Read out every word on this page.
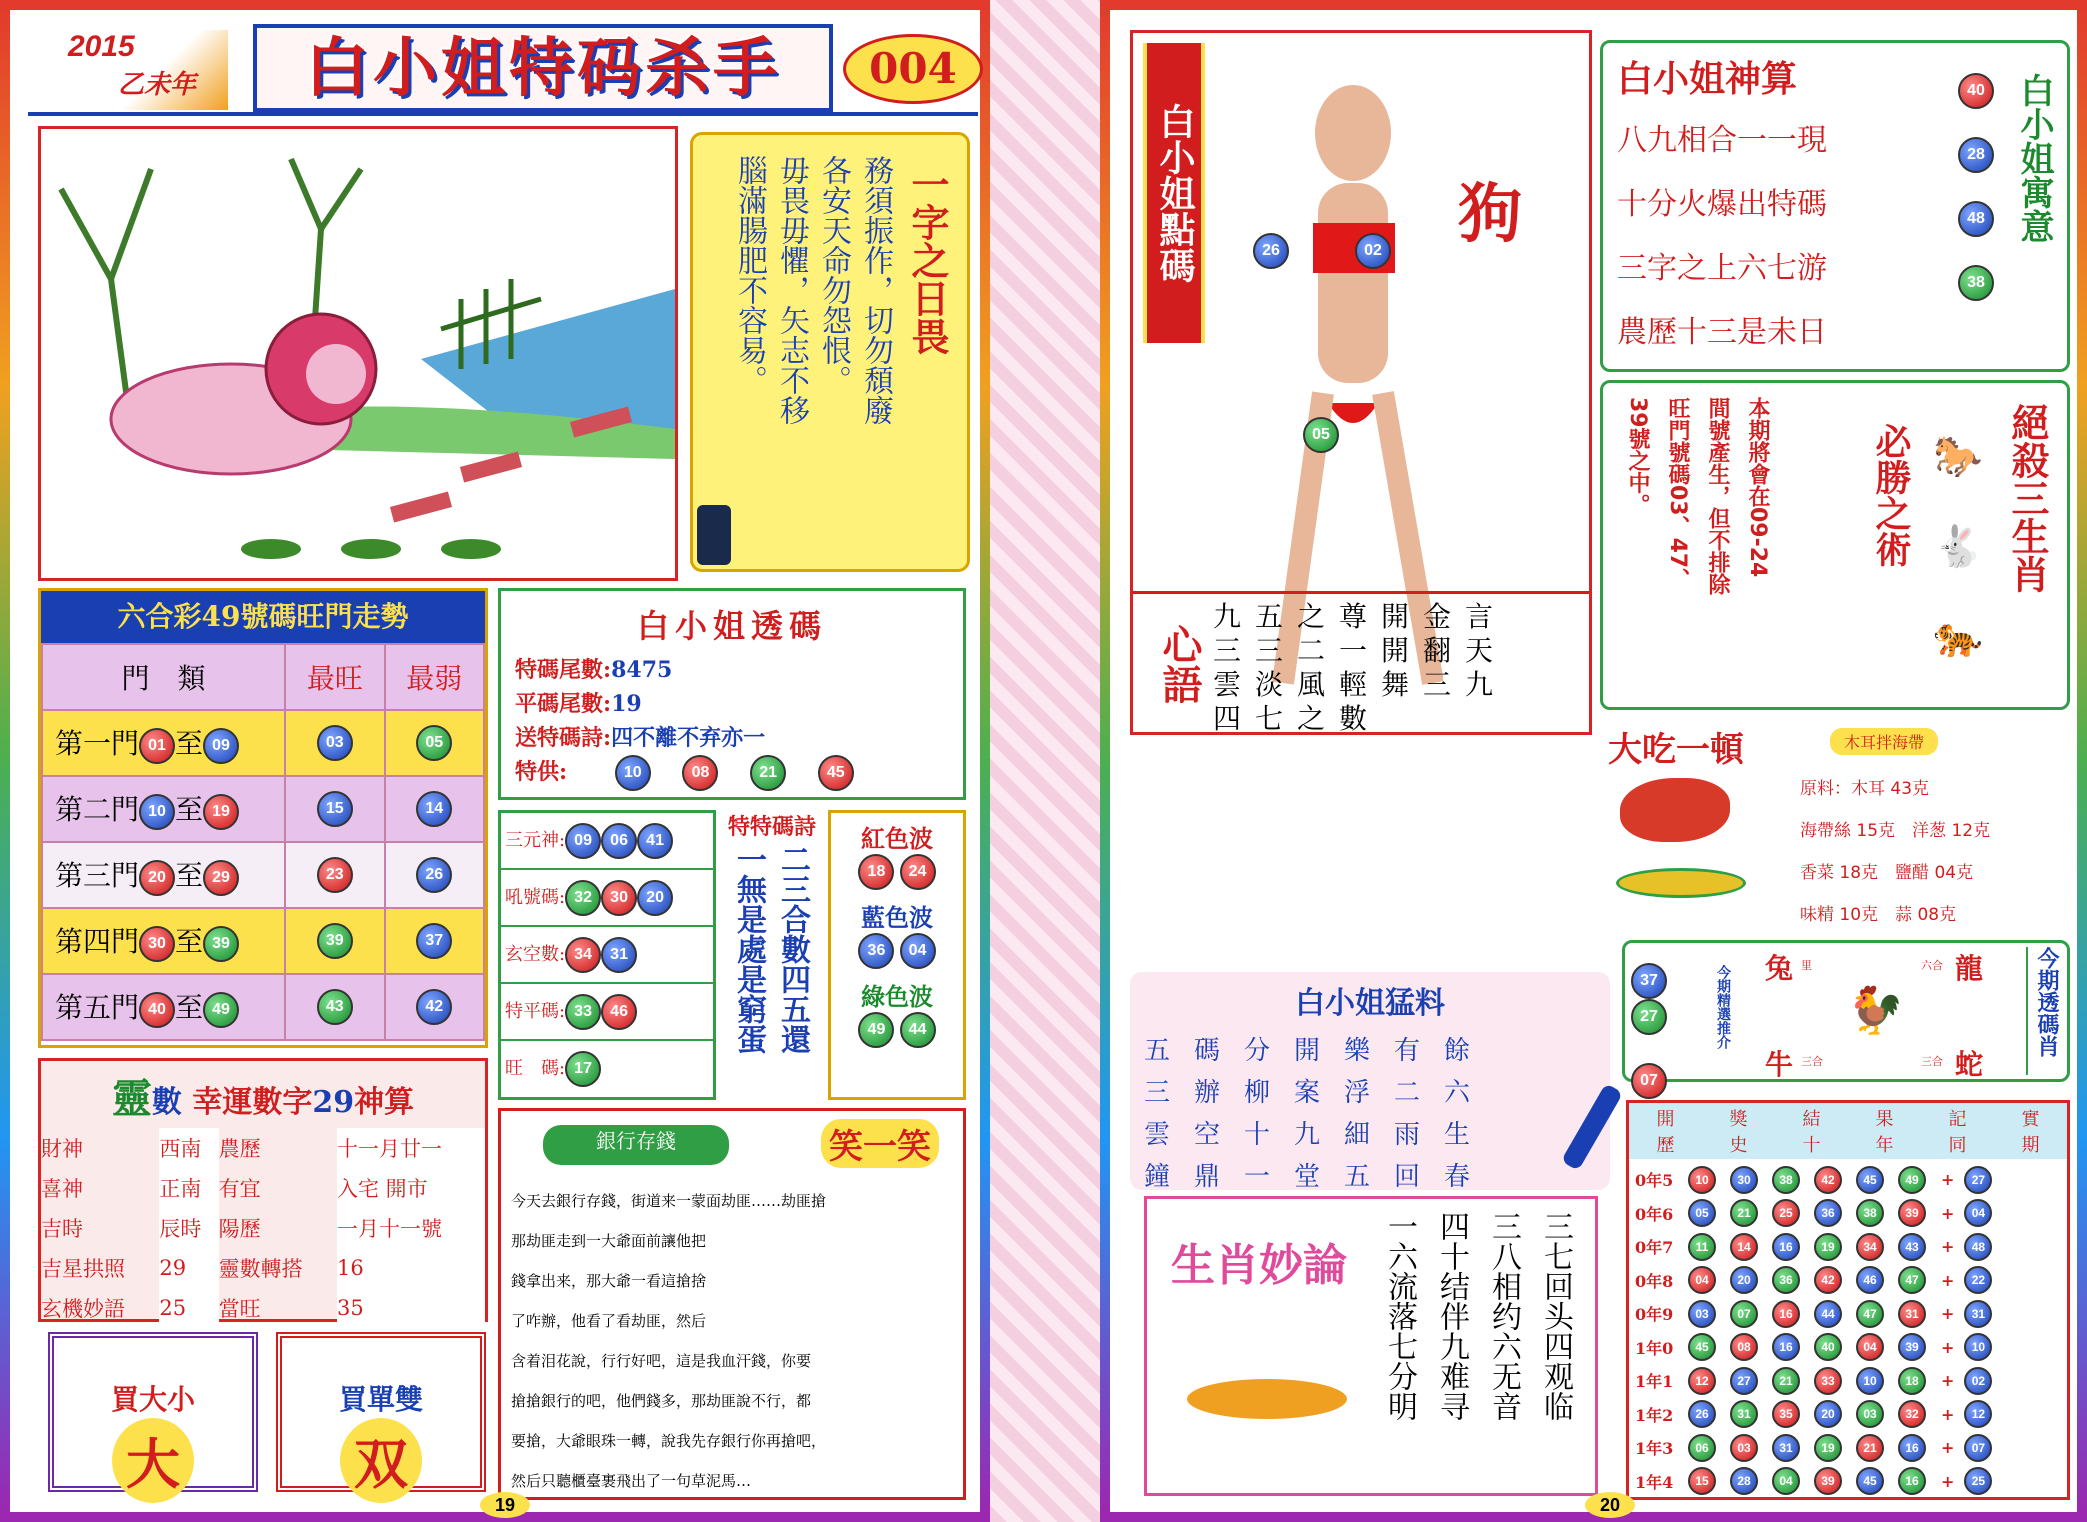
2015
乙未年	白小姐特码杀手	004
一字之日畏
務須振作，切勿頹廢
各安天命勿怨恨。
毋畏毋懼，矢志不移
腦滿腸肥不容易。
六合彩49號碼旺門走勢
門　類	最旺	最弱
第一門 01 至 09	03	05
第二門 10 至 19	15	14
第三門 20 至 29	23	26
第四門 30 至 39	39	37
第五門 40 至 49	43	42
白小姐透碼
特碼尾數:8475
平碼尾數:19
送特碼詩:四不離不弃亦一
特供:	10	08	21	45
三元神: 09 06 41
吼號碼: 32 30 20
玄空數: 34 31
特平碼: 33 46
旺　碼: 17
特特碼詩
二三合數四五還
一無是處是窮蛋
紅色波
18 24
藍色波
36 04
綠色波
49 44
靈數 幸運數字29神算
財神	西南	農歷	十一月廿一
喜神	正南	有宜	入宅 開市
吉時	辰時	陽歷	一月十一號
吉星拱照	29	靈數轉搭	16
玄機妙語	25	當旺	35
買大小
大
買單雙
双
銀行存錢	笑一笑
今天去銀行存錢，街道来一蒙面劫匪……劫匪搶
那劫匪走到一大爺面前讓他把
錢拿出来，那大爺一看這搶捨
了咋辦，他看了看劫匪，然后
含着泪花說，行行好吧，這是我血汗錢，你要
搶搶銀行的吧，他們錢多，那劫匪說不行，都
要搶，大爺眼珠一轉，說我先存銀行你再搶吧，
然后只聽櫃臺裹飛出了一句草泥馬…
19
白小姐點碼	狗
26	02
05
心語
九五之尊開金言
三三二一開翻天
雲淡風輕舞三九
四七之數
白小姐神算
八九相合一一現
十分火爆出特碼
三字之上六七游
農歷十三是未日
40 28 48 38
白小姐寓意
絕殺三生肖
必勝之術
本期將會在09-24
間號產生，但不排除
旺門號碼03、47、
39號之中。	🐎
🐇
🐅
大吃一頓	木耳拌海帶
原料：木耳 43克
海帶絲 15克　洋葱 12克
香菜 18克　鹽醋 04克
味精 10克　蒜 08克
3727 07
今期精選推介 兔	龍
牛	蛇
里	六合
三合	三合
🐓	今期透碼肖
白小姐猛料
五碼分開樂有餘
三辦柳案浮二六
雲空十九細雨生
鐘鼎一堂五回春
生肖妙論	三七回头四观临
三八相约六无音
四十结伴九难寻
一六流落七分明
開歷
獎史
結十
果年
記同
實期
0年5	10	30	38	42	45	49	+	27
0年6	05	21	25	36	38	39	+	04
0年7	11	14	16	19	34	43	+	48
0年8	04	20	36	42	46	47	+	22
0年9	03	07	16	44	47	31	+	31
1年0	45	08	16	40	04	39	+	10
1年1	12	27	21	33	10	18	+	02
1年2	26	31	35	20	03	32	+	12
1年3	06	03	31	19	21	16	+	07
1年4	15	28	04	39	45	16	+	25
20
